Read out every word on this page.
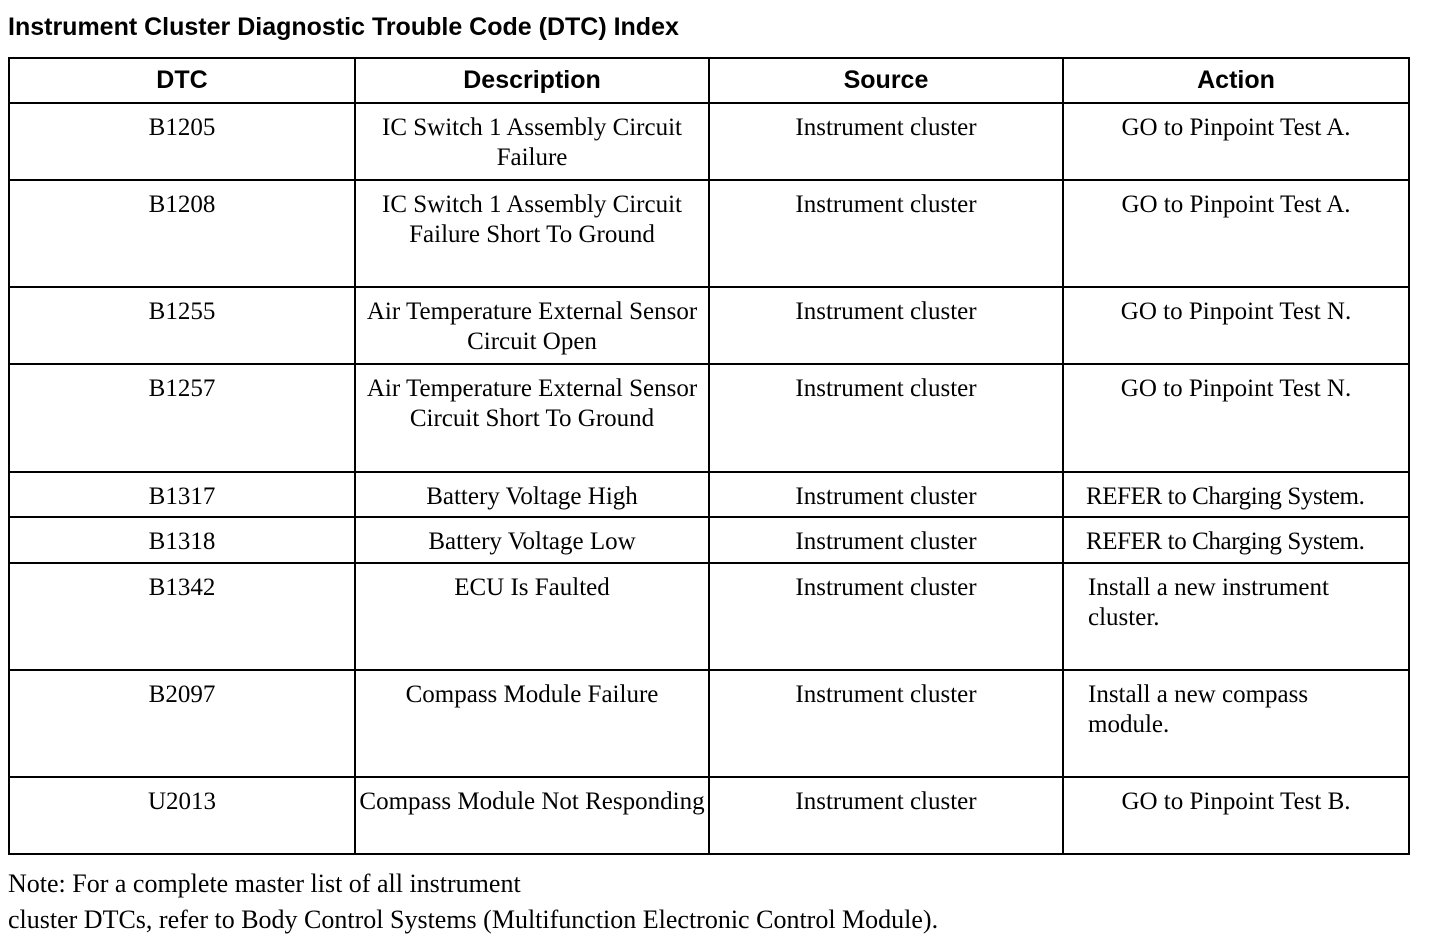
Instrument Cluster Diagnostic Trouble Code (DTC) Index
DTC	Description	Source	Action
B1205	IC Switch 1 Assembly Circuit Failure	Instrument cluster	GO to Pinpoint Test A.
B1208	IC Switch 1 Assembly Circuit Failure Short To Ground	Instrument cluster	GO to Pinpoint Test A.
B1255	Air Temperature External Sensor Circuit Open	Instrument cluster	GO to Pinpoint Test N.
B1257	Air Temperature External Sensor Circuit Short To Ground	Instrument cluster	GO to Pinpoint Test N.
B1317	Battery Voltage High	Instrument cluster	REFER to Charging System.
B1318	Battery Voltage Low	Instrument cluster	REFER to Charging System.
B1342	ECU Is Faulted	Instrument cluster	Install a new instrument cluster.
B2097	Compass Module Failure	Instrument cluster	Install a new compass module.
U2013	Compass Module Not Responding	Instrument cluster	GO to Pinpoint Test B.
Note: For a complete master list of all instrument
cluster DTCs, refer to Body Control Systems (Multifunction Electronic Control Module).
